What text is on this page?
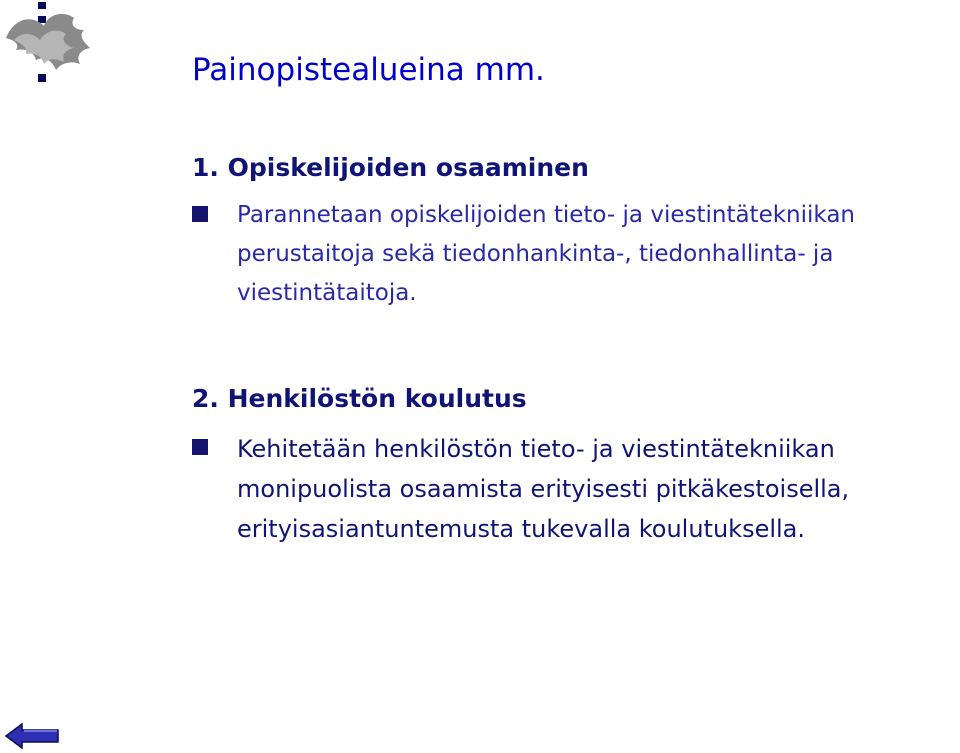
Painopistealueina mm.
1. Opiskelijoiden osaaminen

Parannetaan opiskelijoiden tieto- ja viestintätekniikan
perustaitoja sekä tiedonhankinta-, tiedonhallinta- ja
viestintätaitoja.

2. Henkilöstön koulutus

Kehitetään henkilöstön tieto- ja viestintätekniikan
monipuolista osaamista erityisesti pitkäkestoisella,
erityisasiantuntemusta tukevalla koulutuksella.
